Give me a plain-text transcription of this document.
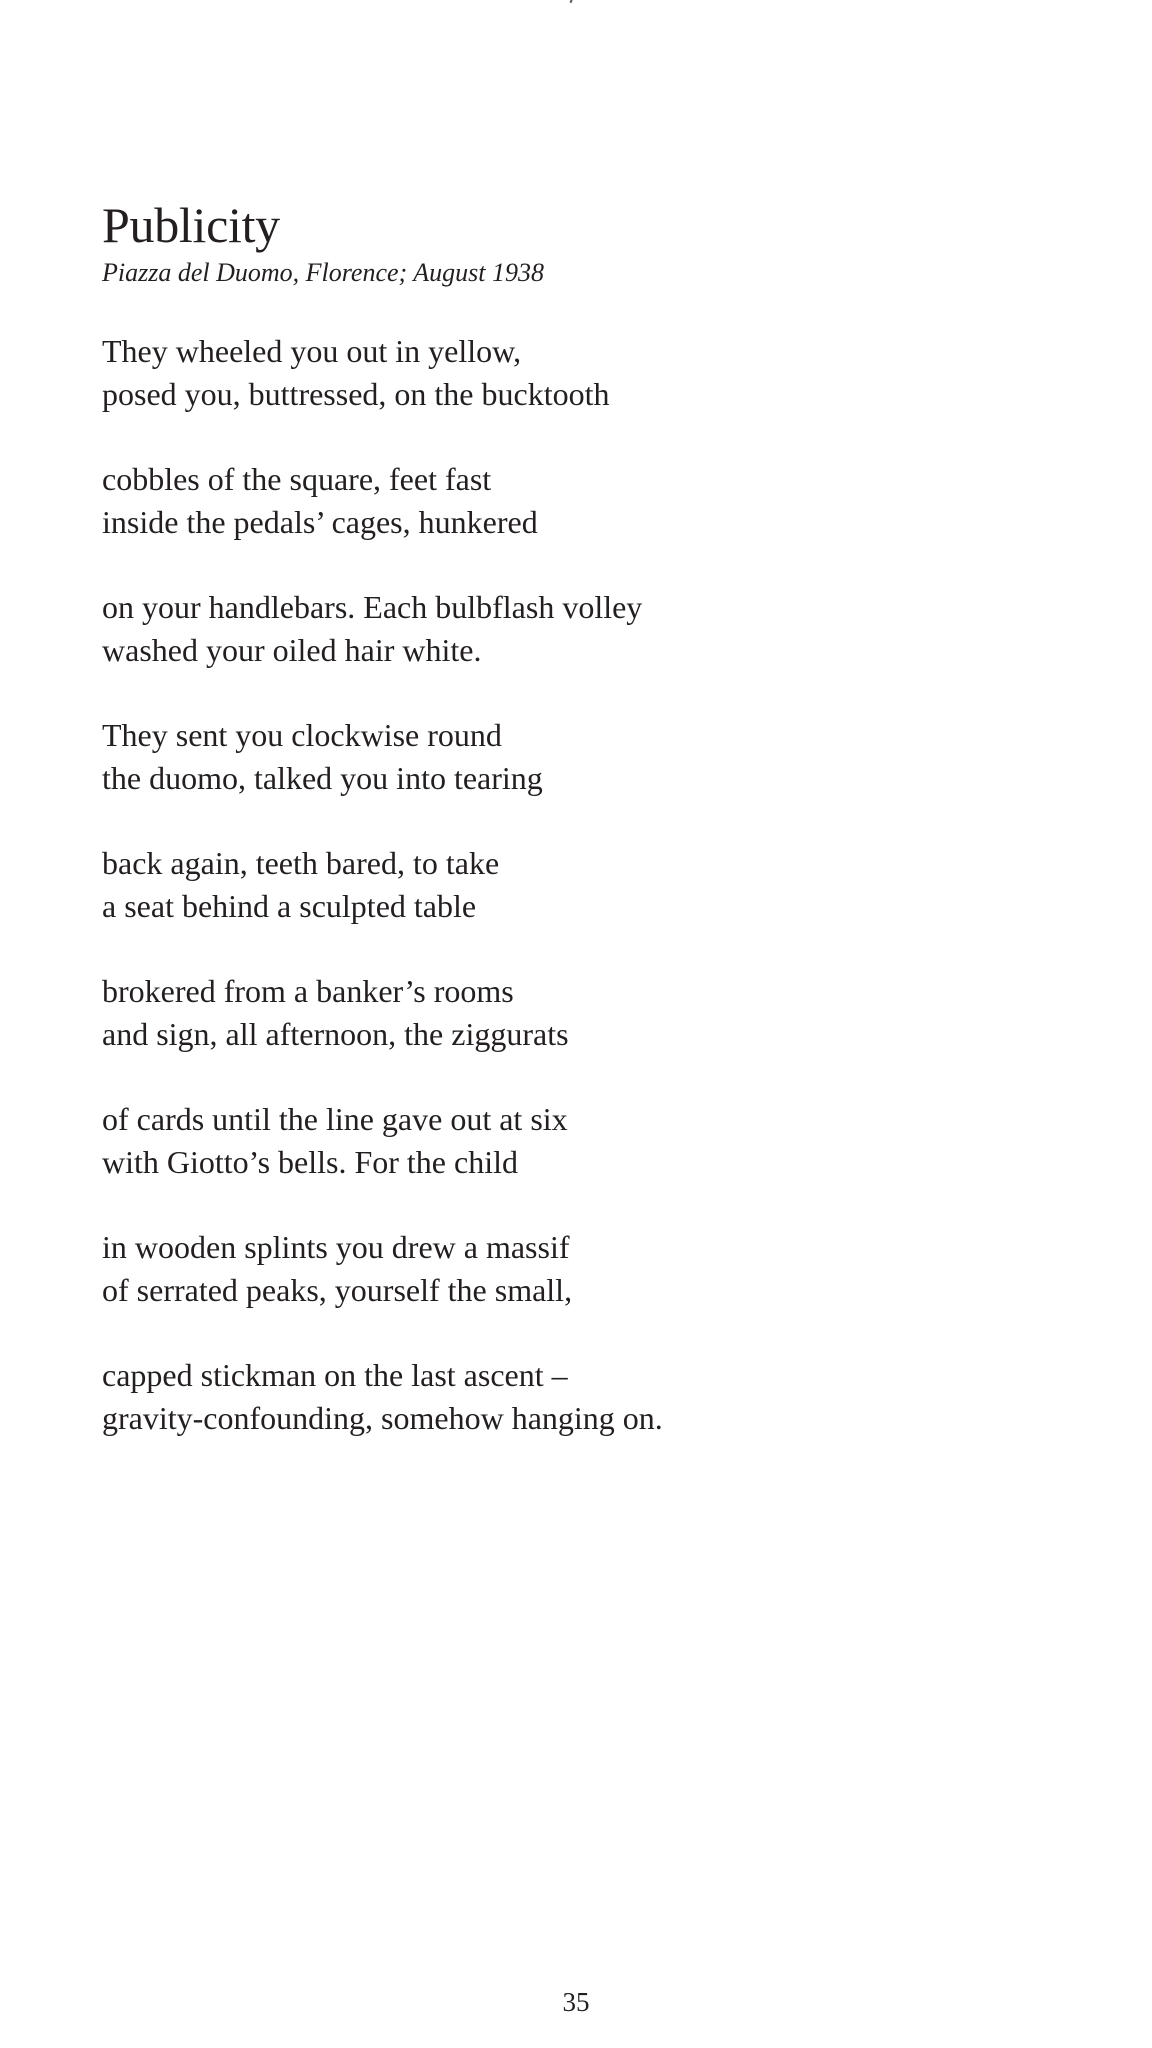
Publicity

Piazza del Duomo, Florence; August 1938

They wheeled you out in yellow,
posed you, buttressed, on the bucktooth
cobbles of the square, feet fast
inside the pedals’ cages, hunkered
on your handlebars. Each bulbflash volley
washed your oiled hair white.
They sent you clockwise round
the duomo, talked you into tearing
back again, teeth bared, to take
a seat behind a sculpted table
brokered from a banker’s rooms
and sign, all afternoon, the ziggurats
of cards until the line gave out at six
with Giotto’s bells. For the child
in wooden splints you drew a massif
of serrated peaks, yourself the small,
capped stickman on the last ascent –
gravity-confounding, somehow hanging on.
35
